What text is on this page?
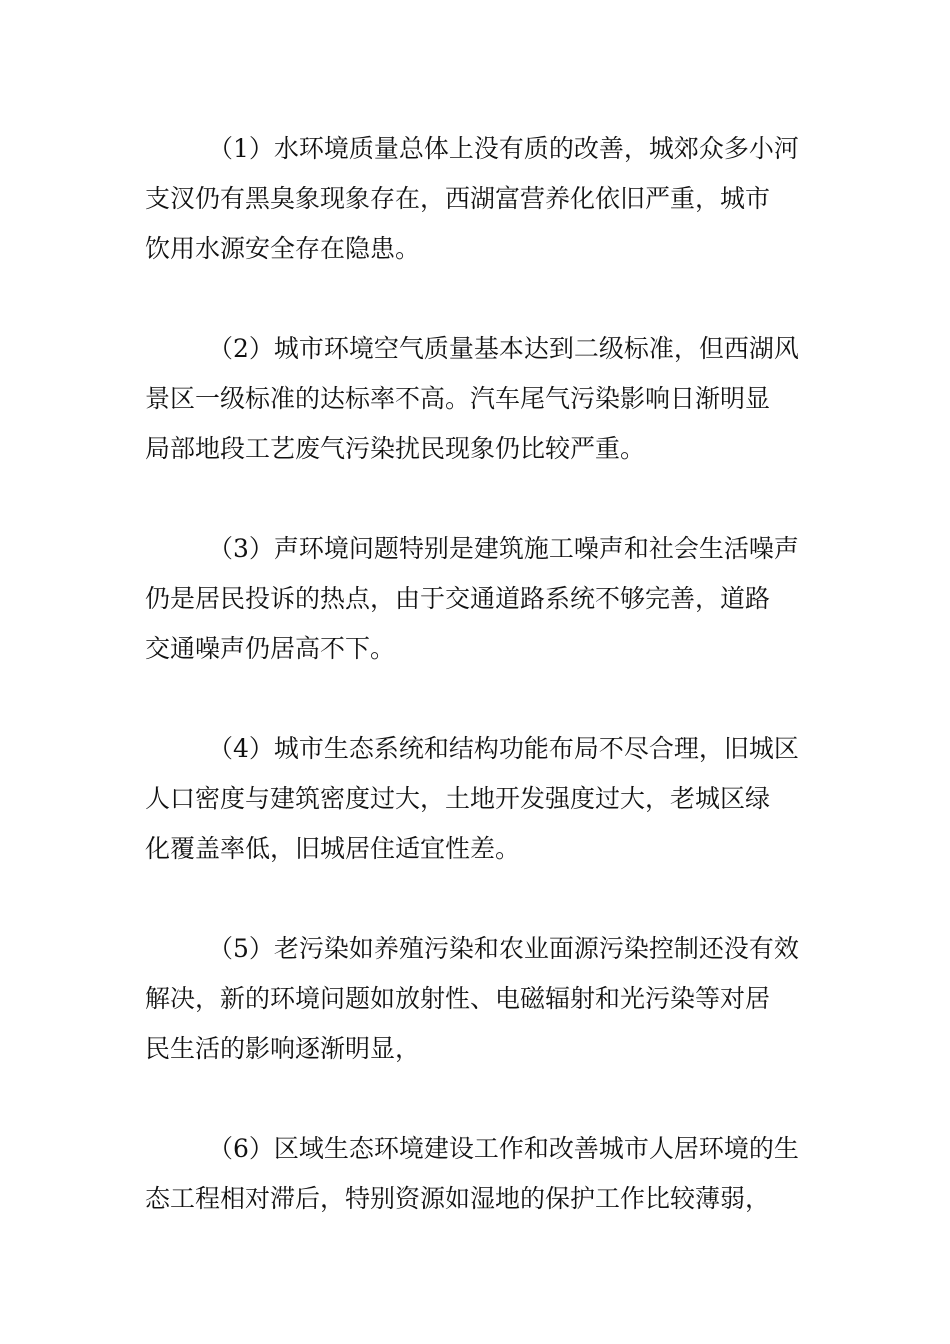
（1）水环境质量总体上没有质的改善，城郊众多小河
支汊仍有黑臭象现象存在，西湖富营养化依旧严重，城市
饮用水源安全存在隐患。
（2）城市环境空气质量基本达到二级标准，但西湖风
景区一级标准的达标率不高。汽车尾气污染影响日渐明显
局部地段工艺废气污染扰民现象仍比较严重。
（3）声环境问题特别是建筑施工噪声和社会生活噪声
仍是居民投诉的热点，由于交通道路系统不够完善，道路
交通噪声仍居高不下。
（4）城市生态系统和结构功能布局不尽合理，旧城区
人口密度与建筑密度过大，土地开发强度过大，老城区绿
化覆盖率低，旧城居住适宜性差。
（5）老污染如养殖污染和农业面源污染控制还没有效
解决，新的环境问题如放射性、电磁辐射和光污染等对居
民生活的影响逐渐明显，
（6）区域生态环境建设工作和改善城市人居环境的生
态工程相对滞后，特别资源如湿地的保护工作比较薄弱，
